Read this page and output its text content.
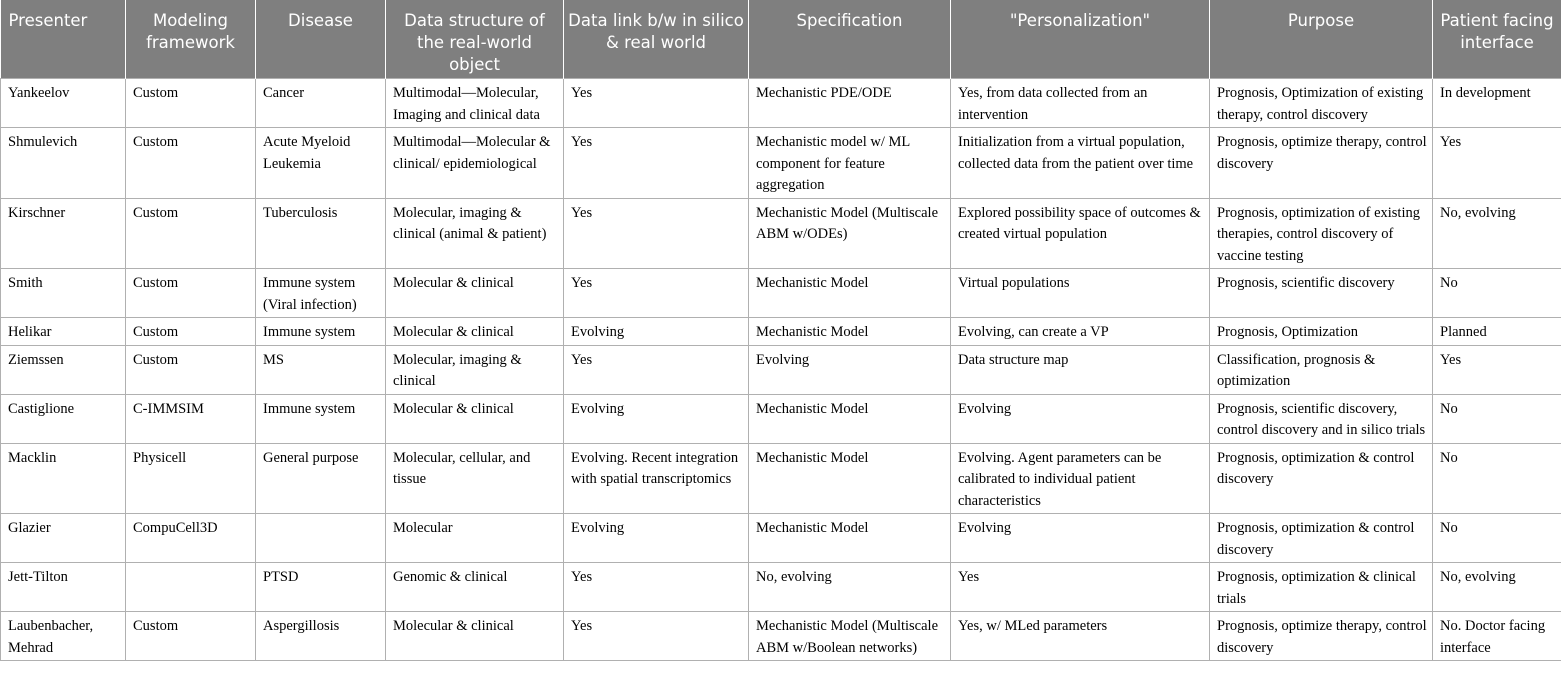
Presenter	Modeling framework	Disease	Data structure of the real-world object	Data link b/w in silico & real world	Specification	"Personalization"	Purpose	Patient facing interface
Yankeelov	Custom	Cancer	Multimodal—Molecular, Imaging and clinical data	Yes	Mechanistic PDE/ODE	Yes, from data collected from an intervention	Prognosis, Optimization of existing therapy, control discovery	In development
Shmulevich	Custom	Acute Myeloid Leukemia	Multimodal—Molecular & clinical/ epidemiological	Yes	Mechanistic model w/ ML component for feature aggregation	Initialization from a virtual population, collected data from the patient over time	Prognosis, optimize therapy, control discovery	Yes
Kirschner	Custom	Tuberculosis	Molecular, imaging & clinical (animal & patient)	Yes	Mechanistic Model (Multiscale ABM w/ODEs)	Explored possibility space of outcomes & created virtual population	Prognosis, optimization of existing therapies, control discovery of vaccine testing	No, evolving
Smith	Custom	Immune system (Viral infection)	Molecular & clinical	Yes	Mechanistic Model	Virtual populations	Prognosis, scientific discovery	No
Helikar	Custom	Immune system	Molecular & clinical	Evolving	Mechanistic Model	Evolving, can create a VP	Prognosis, Optimization	Planned
Ziemssen	Custom	MS	Molecular, imaging & clinical	Yes	Evolving	Data structure map	Classification, prognosis & optimization	Yes
Castiglione	C-IMMSIM	Immune system	Molecular & clinical	Evolving	Mechanistic Model	Evolving	Prognosis, scientific discovery, control discovery and in silico trials	No
Macklin	Physicell	General purpose	Molecular, cellular, and tissue	Evolving. Recent integration with spatial transcriptomics	Mechanistic Model	Evolving. Agent parameters can be calibrated to individual patient characteristics	Prognosis, optimization & control discovery	No
Glazier	CompuCell3D		Molecular	Evolving	Mechanistic Model	Evolving	Prognosis, optimization & control discovery	No
Jett-Tilton		PTSD	Genomic & clinical	Yes	No, evolving	Yes	Prognosis, optimization & clinical trials	No, evolving
Laubenbacher, Mehrad	Custom	Aspergillosis	Molecular & clinical	Yes	Mechanistic Model (Multiscale ABM w/Boolean networks)	Yes, w/ MLed parameters	Prognosis, optimize therapy, control discovery	No. Doctor facing interface
